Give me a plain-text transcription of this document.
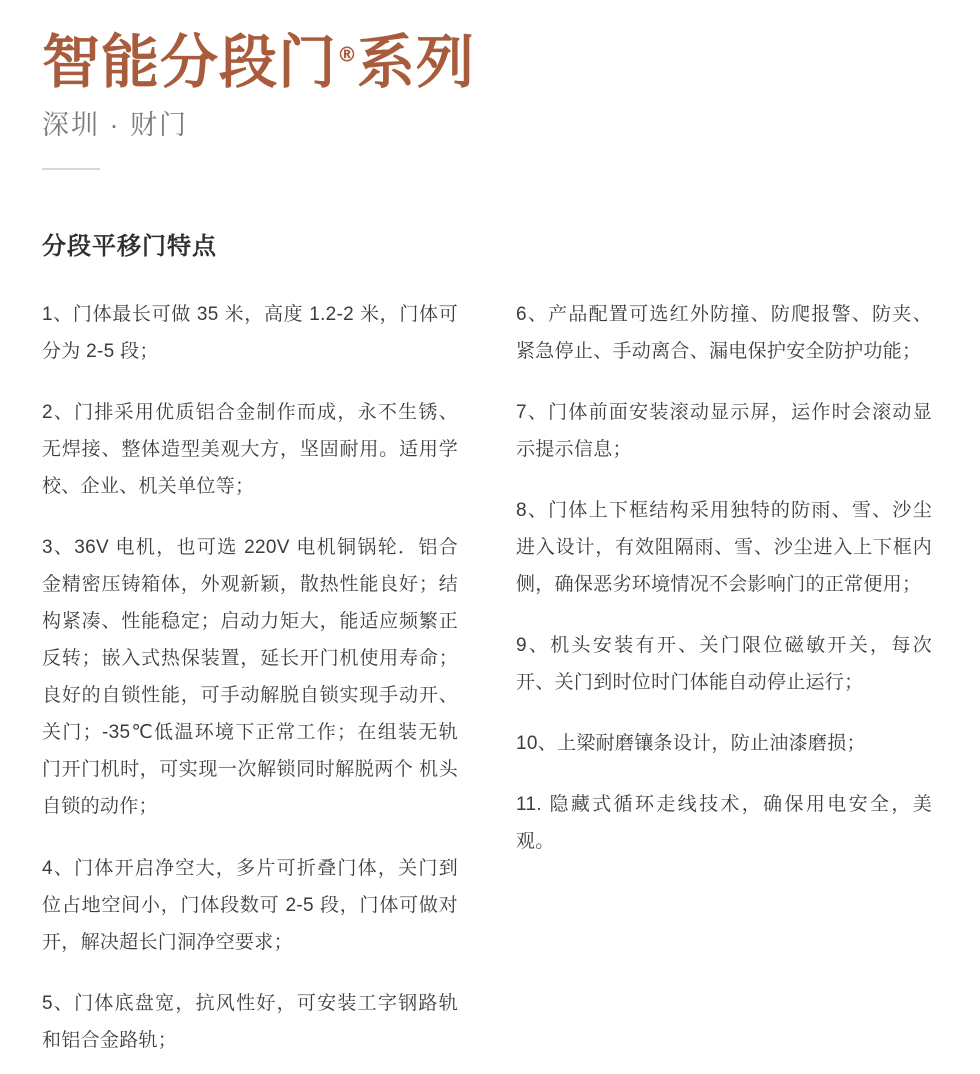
智能分段门®系列
深圳 · 财门
分段平移门特点

1、门体最长可做 35 米，高度 1.2-2 米，门体可分为 2-5 段；

2、门排采用优质铝合金制作而成，永不生锈、无焊接、整体造型美观大方，坚固耐用。适用学校、企业、机关单位等；

3、36V 电机，也可选 220V 电机铜锅轮．铝合金精密压铸箱体，外观新颖，散热性能良好；结构紧凑、性能稳定；启动力矩大，能适应频繁正反转；嵌入式热保装置，延长开门机使用寿命；良好的自锁性能，可手动解脱自锁实现手动开、关门；-35℃低温环境下正常工作；在组装无轨门开门机时，可实现一次解锁同时解脱两个 机头自锁的动作；

4、门体开启净空大，多片可折叠门体，关门到位占地空间小，门体段数可 2-5 段，门体可做对开，解决超长门洞净空要求；

5、门体底盘宽，抗风性好，可安装工字钢路轨和铝合金路轨；

6、产品配置可选红外防撞、防爬报警、防夹、紧急停止、手动离合、漏电保护安全防护功能；

7、门体前面安装滚动显示屏，运作时会滚动显示提示信息；

8、门体上下框结构采用独特的防雨、雪、沙尘进入设计，有效阻隔雨、雪、沙尘进入上下框内侧，确保恶劣环境情况不会影响门的正常便用；

9、机头安装有开、关门限位磁敏开关，每次开、关门到时位时门体能自动停止运行；

10、上梁耐磨镶条设计，防止油漆磨损；

11. 隐藏式循环走线技术，确保用电安全，美观。
